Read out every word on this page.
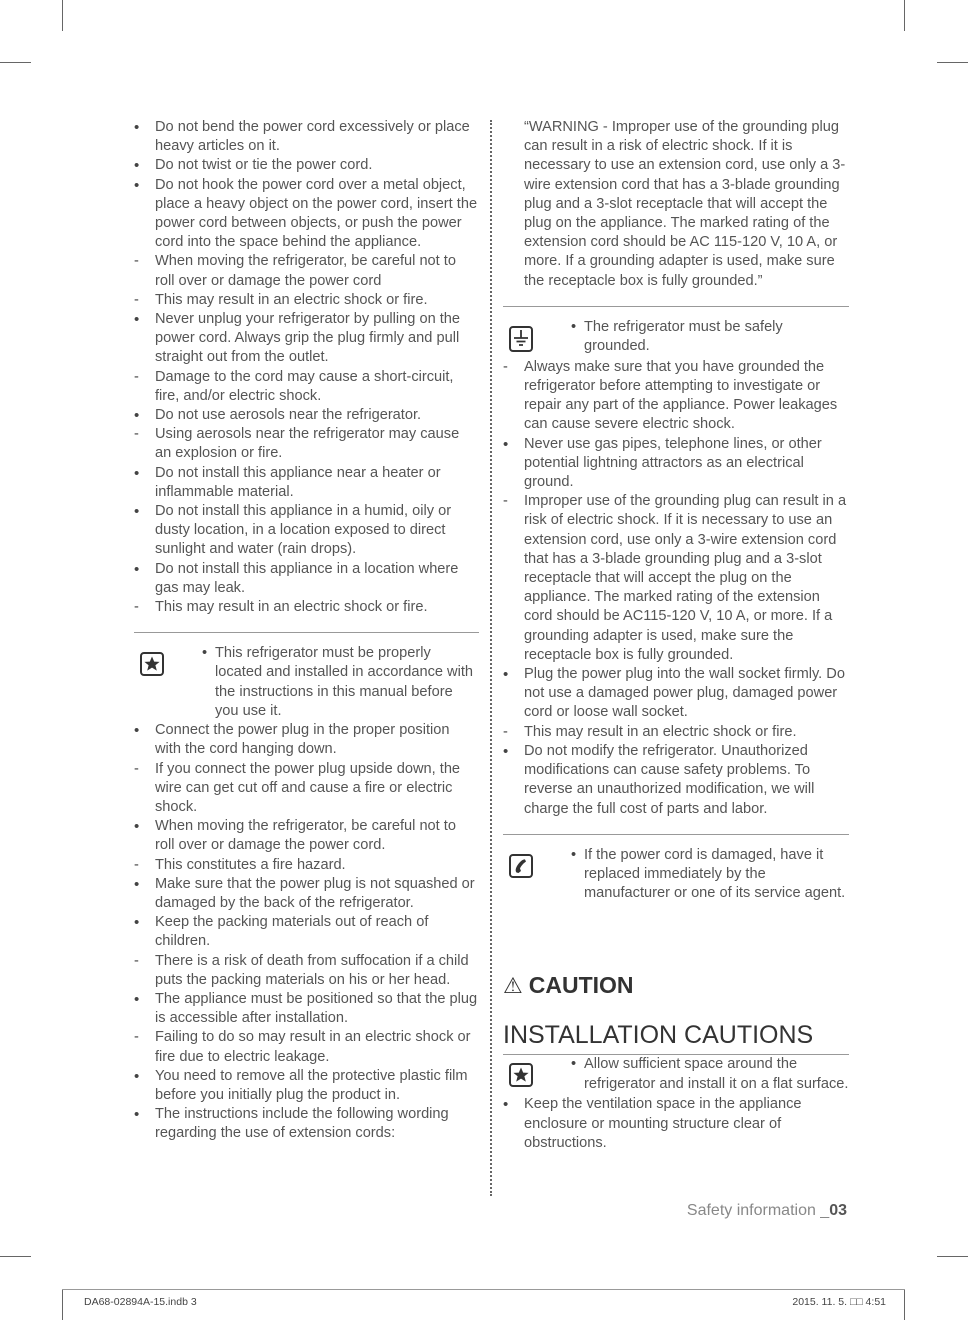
•
Do not bend the power cord excessively or place heavy articles on it.
•
Do not twist or tie the power cord.
•
Do not hook the power cord over a metal object, place a heavy object on the power cord, insert the power cord between objects, or push the power cord into the space behind the appliance.
-
When moving the refrigerator, be careful not to roll over or damage the power cord
-
This may result in an electric shock or fire.
•
Never unplug your refrigerator by pulling on the power cord. Always grip the plug firmly and pull straight out from the outlet.
-
Damage to the cord may cause a short-circuit, fire, and/or electric shock.
•
Do not use aerosols near the refrigerator.
-
Using aerosols near the refrigerator may cause an explosion or fire.
•
Do not install this appliance near a heater or inflammable material.
•
Do not install this appliance in a humid, oily or dusty location, in a location exposed to direct sunlight and water (rain drops).
•
Do not install this appliance in a location where gas may leak.
-
This may result in an electric shock or fire.
• This refrigerator must be properly located and installed in accordance with the instructions in this manual before you use it.
•
Connect the power plug in the proper position with the cord hanging down.
-
If you connect the power plug upside down, the wire can get cut off and cause a fire or electric shock.
•
When moving the refrigerator, be careful not to roll over or damage the power cord.
-
This constitutes a fire hazard.
•
Make sure that the power plug is not squashed or damaged by the back of the refrigerator.
•
Keep the packing materials out of reach of children.
-
There is a risk of death from suffocation if a child puts the packing materials on his or her head.
•
The appliance must be positioned so that the plug is accessible after installation.
-
Failing to do so may result in an electric shock or fire due to electric leakage.
•
You need to remove all the protective plastic film before you initially plug the product in.
•
The instructions include the following wording regarding the use of extension cords:
“WARNING - Improper use of the grounding plug can result in a risk of electric shock. If it is necessary to use an extension cord, use only a 3-wire extension cord that has a 3-blade grounding plug and a 3-slot receptacle that will accept the plug on the appliance. The marked rating of the extension cord should be AC 115-120 V, 10 A, or more. If a grounding adapter is used, make sure the receptacle box is fully grounded.”
• The refrigerator must be safely grounded.
-
Always make sure that you have grounded the refrigerator before attempting to investigate or repair any part of the appliance. Power leakages can cause severe electric shock.
•
Never use gas pipes, telephone lines, or other potential lightning attractors as an electrical ground.
-
Improper use of the grounding plug can result in a risk of electric shock. If it is necessary to use an extension cord, use only a 3-wire extension cord that has a 3-blade grounding plug and a 3-slot receptacle that will accept the plug on the appliance. The marked rating of the extension cord should be AC115-120 V, 10 A, or more. If a grounding adapter is used, make sure the receptacle box is fully grounded.
•
Plug the power plug into the wall socket firmly. Do not use a damaged power plug, damaged power cord or loose wall socket.
-
This may result in an electric shock or fire.
•
Do not modify the refrigerator. Unauthorized modifications can cause safety problems. To reverse an unauthorized modification, we will charge the full cost of parts and labor.
• If the power cord is damaged, have it replaced immediately by the manufacturer or one of its service agent.
⚠ CAUTION
INSTALLATION CAUTIONS
• Allow sufficient space around the refrigerator and install it on a flat surface.
•
Keep the ventilation space in the appliance enclosure or mounting structure clear of obstructions.
Safety information _03
DA68-02894A-15.indb 3	2015. 11. 5. □□ 4:51
